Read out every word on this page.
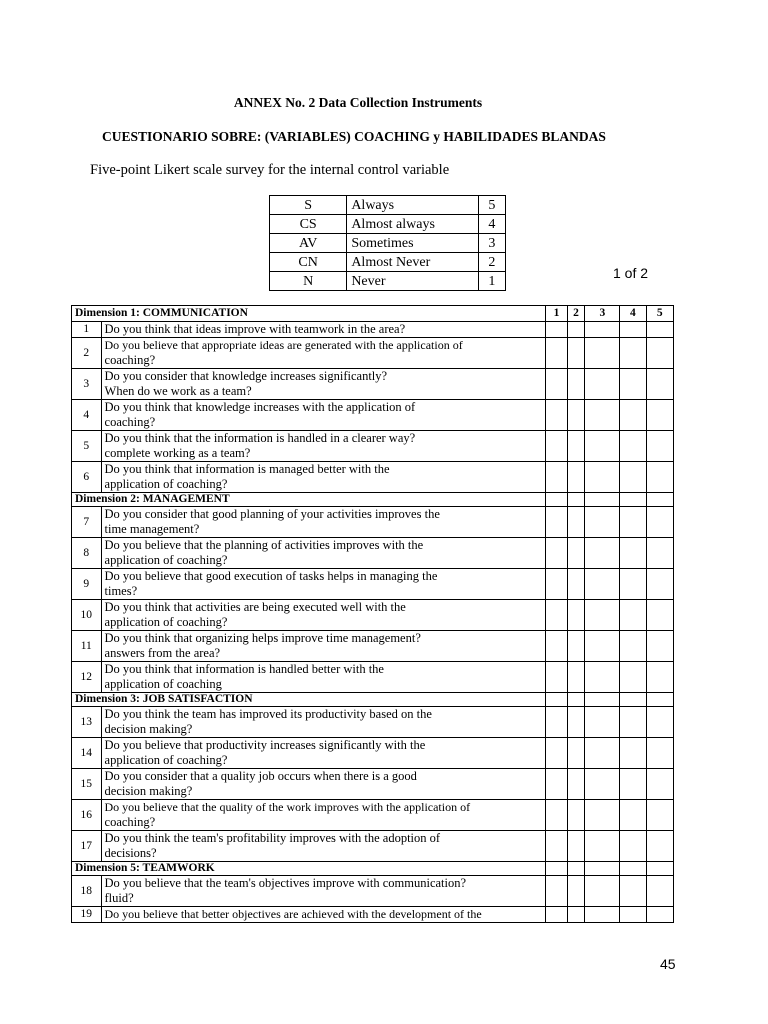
ANNEX No. 2 Data Collection Instruments
CUESTIONARIO SOBRE: (VARIABLES) COACHING y HABILIDADES BLANDAS
Five-point Likert scale survey for the internal control variable
S	Always	5
CS	Almost always	4
AV	Sometimes	3
CN	Almost Never	2
N	Never	1	1 of 2
Dimension 1: COMMUNICATION		1	2	3	4	5
1	Do you think that ideas improve with teamwork in the area?					

2	Do you believe that appropriate ideas are generated with the application of
coaching?					

3	Do you consider that knowledge increases significantly?
When do we work as a team?					

4	Do you think that knowledge increases with the application of
coaching?					

5	Do you think that the information is handled in a clearer way?
complete working as a team?					

6	Do you think that information is managed better with the
application of coaching?					

Dimension 2: MANAGEMENT						
7	Do you consider that good planning of your activities improves the
time management?					

8	Do you believe that the planning of activities improves with the
application of coaching?					

9	Do you believe that good execution of tasks helps in managing the
times?					

10	Do you think that activities are being executed well with the
application of coaching?					

11	Do you think that organizing helps improve time management?
answers from the area?					

12	Do you think that information is handled better with the
application of coaching					

Dimension 3: JOB SATISFACTION						
13	Do you think the team has improved its productivity based on the
decision making?					

14	Do you believe that productivity increases significantly with the
application of coaching?					

15	Do you consider that a quality job occurs when there is a good
decision making?					

16	Do you believe that the quality of the work improves with the application of
coaching?					

17	Do you think the team's profitability improves with the adoption of
decisions?					

Dimension 5: TEAMWORK						
18	Do you believe that the team's objectives improve with communication?
fluid?					

19	Do you believe that better objectives are achieved with the development of the					

45
